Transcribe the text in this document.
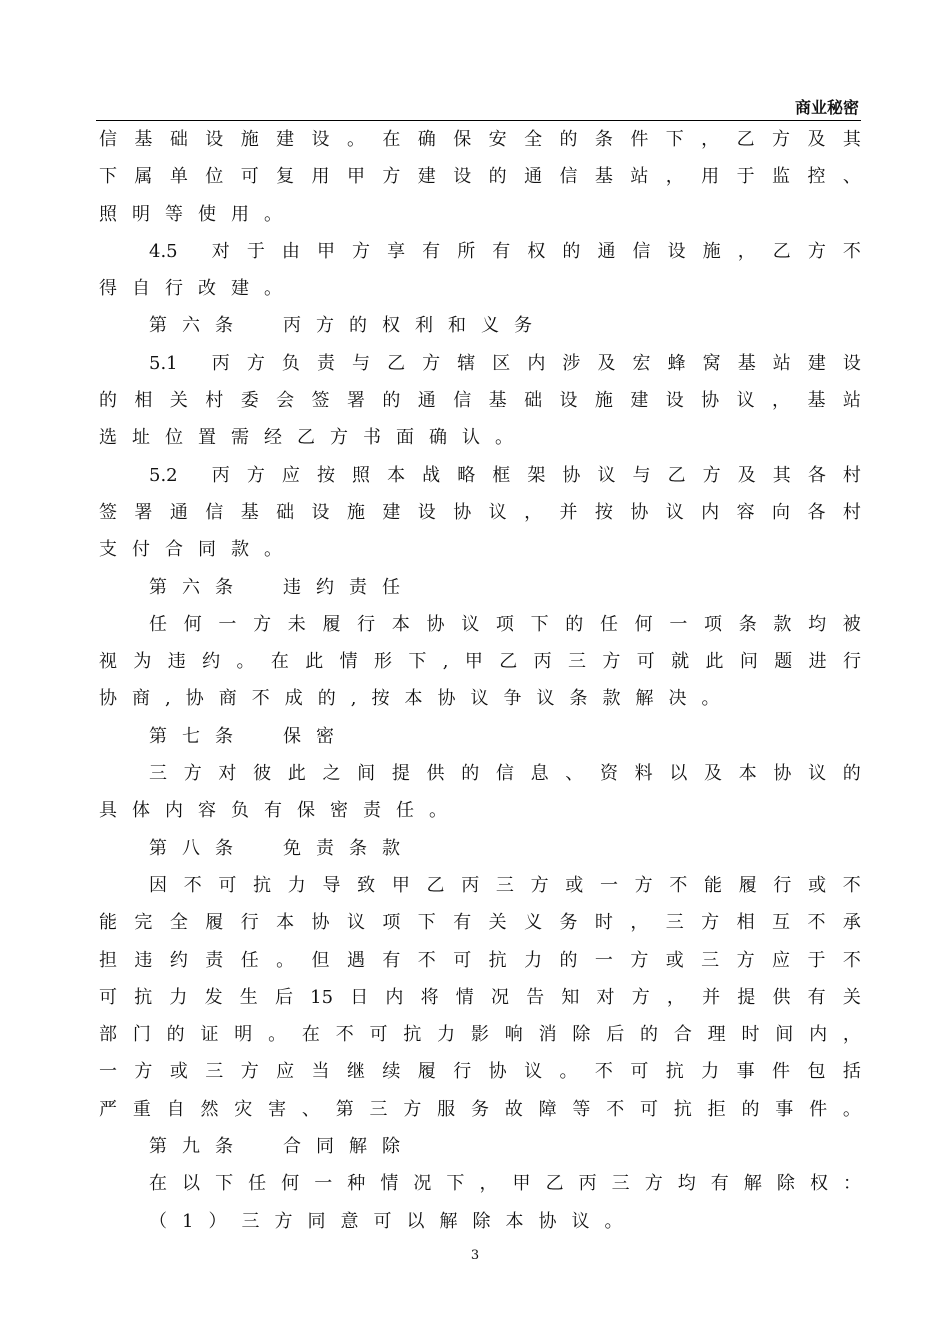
商业秘密
信 基 础 设 施 建 设 。 在 确 保 安 全 的 条 件 下 ， 乙 方 及 其
下 属 单 位 可 复 用 甲 方 建 设 的 通 信 基 站 ， 用 于 监 控 、
照 明 等 使 用 。
4.5 对 于 由 甲 方 享 有 所 有 权 的 通 信 设 施 ， 乙 方 不
得 自 行 改 建 。
第 六 条	丙 方 的 权 利 和 义 务
5.1 丙 方 负 责 与 乙 方 辖 区 内 涉 及 宏 蜂 窝 基 站 建 设
的 相 关 村 委 会 签 署 的 通 信 基 础 设 施 建 设 协 议 ， 基 站
选 址 位 置 需 经 乙 方 书 面 确 认 。
5.2 丙 方 应 按 照 本 战 略 框 架 协 议 与 乙 方 及 其 各 村
签 署 通 信 基 础 设 施 建 设 协 议 ， 并 按 协 议 内 容 向 各 村
支 付 合 同 款 。
第 六 条	违 约 责 任
任 何 一 方 未 履 行 本 协 议 项 下 的 任 何 一 项 条 款 均 被
视 为 违 约 。 在 此 情 形 下 , 甲 乙 丙 三 方 可 就 此 问 题 进 行
协 商 , 协 商 不 成 的 , 按 本 协 议 争 议 条 款 解 决 。
第 七 条	保 密
三 方 对 彼 此 之 间 提 供 的 信 息 、 资 料 以 及 本 协 议 的
具 体 内 容 负 有 保 密 责 任 。
第 八 条	免 责 条 款
因 不 可 抗 力 导 致 甲 乙 丙 三 方 或 一 方 不 能 履 行 或 不
能 完 全 履 行 本 协 议 项 下 有 关 义 务 时 ， 三 方 相 互 不 承
担 违 约 责 任 。 但 遇 有 不 可 抗 力 的 一 方 或 三 方 应 于 不
可 抗 力 发 生 后 15 日 内 将 情 况 告 知 对 方 ， 并 提 供 有 关
部 门 的 证 明 。 在 不 可 抗 力 影 响 消 除 后 的 合 理 时 间 内 ，
一 方 或 三 方 应 当 继 续 履 行 协 议 。 不 可 抗 力 事 件 包 括
严 重 自 然 灾 害 、 第 三 方 服 务 故 障 等 不 可 抗 拒 的 事 件 。
第 九 条	合 同 解 除
在 以 下 任 何 一 种 情 况 下 ， 甲 乙 丙 三 方 均 有 解 除 权 ：
（ 1 ） 三 方 同 意 可 以 解 除 本 协 议 。
3
